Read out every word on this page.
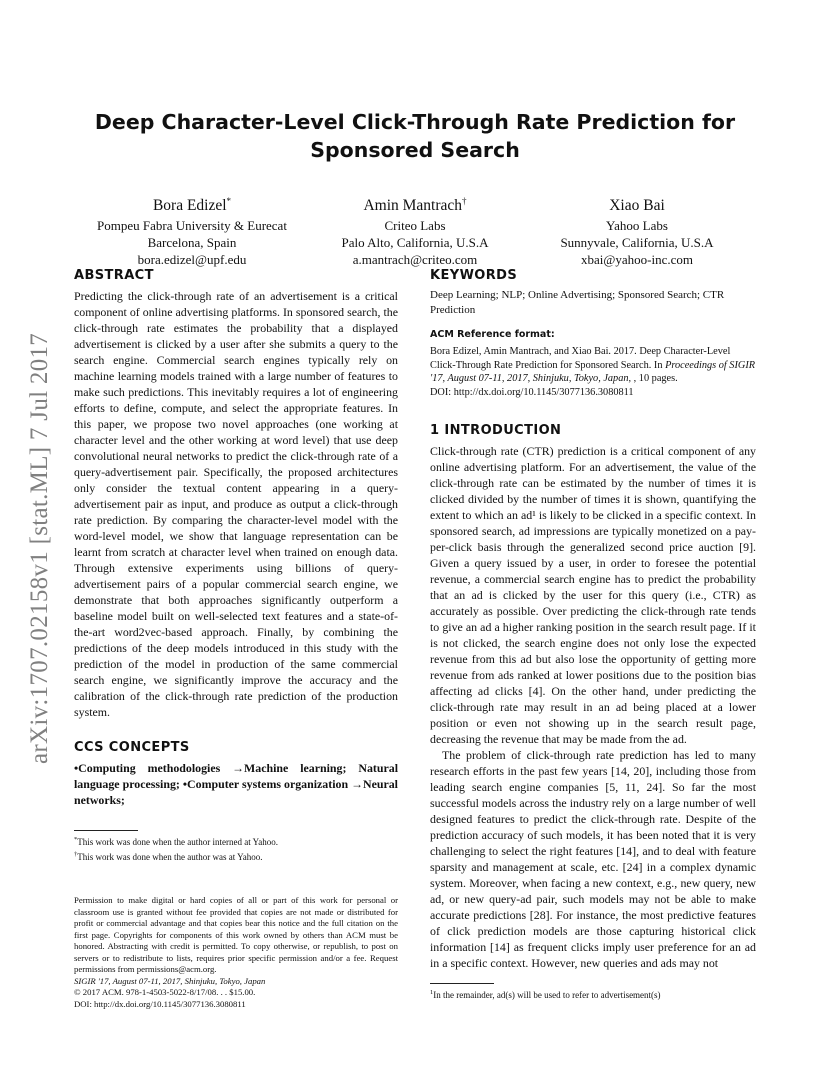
arXiv:1707.02158v1 [stat.ML] 7 Jul 2017
Deep Character-Level Click-Through Rate Prediction for
Sponsored Search
Bora Edizel*
Pompeu Fabra University & Eurecat
Barcelona, Spain
bora.edizel@upf.edu
Amin Mantrach†
Criteo Labs
Palo Alto, California, U.S.A
a.mantrach@criteo.com
Xiao Bai
Yahoo Labs
Sunnyvale, California, U.S.A
xbai@yahoo-inc.com
ABSTRACT

Predicting the click-through rate of an advertisement is a critical component of online advertising platforms. In sponsored search, the click-through rate estimates the probability that a displayed advertisement is clicked by a user after she submits a query to the search engine. Commercial search engines typically rely on machine learning models trained with a large number of features to make such predictions. This inevitably requires a lot of engineering efforts to define, compute, and select the appropriate features. In this paper, we propose two novel approaches (one working at character level and the other working at word level) that use deep convolutional neural networks to predict the click-through rate of a query-advertisement pair. Specifically, the proposed architectures only consider the textual content appearing in a query-advertisement pair as input, and produce as output a click-through rate prediction. By comparing the character-level model with the word-level model, we show that language representation can be learnt from scratch at character level when trained on enough data. Through extensive experiments using billions of query-advertisement pairs of a popular commercial search engine, we demonstrate that both approaches significantly outperform a baseline model built on well-selected text features and a state-of-the-art word2vec-based approach. Finally, by combining the predictions of the deep models introduced in this study with the prediction of the model in production of the same commercial search engine, we significantly improve the accuracy and the calibration of the click-through rate prediction of the production system.

CCS CONCEPTS

•Computing methodologies →Machine learning; Natural language processing; •Computer systems organization →Neural networks;

*This work was done when the author interned at Yahoo.
†This work was done when the author was at Yahoo.
Permission to make digital or hard copies of all or part of this work for personal or classroom use is granted without fee provided that copies are not made or distributed for profit or commercial advantage and that copies bear this notice and the full citation on the first page. Copyrights for components of this work owned by others than ACM must be honored. Abstracting with credit is permitted. To copy otherwise, or republish, to post on servers or to redistribute to lists, requires prior specific permission and/or a fee. Request permissions from permissions@acm.org.
SIGIR '17, August 07-11, 2017, Shinjuku, Tokyo, Japan
© 2017 ACM. 978-1-4503-5022-8/17/08. . . $15.00.
DOI: http://dx.doi.org/10.1145/3077136.3080811
KEYWORDS

Deep Learning; NLP; Online Advertising; Sponsored Search; CTR Prediction

ACM Reference format:

Bora Edizel, Amin Mantrach, and Xiao Bai. 2017. Deep Character-Level Click-Through Rate Prediction for Sponsored Search. In Proceedings of SIGIR '17, August 07-11, 2017, Shinjuku, Tokyo, Japan, , 10 pages.

DOI: http://dx.doi.org/10.1145/3077136.3080811

1 INTRODUCTION

Click-through rate (CTR) prediction is a critical component of any online advertising platform. For an advertisement, the value of the click-through rate can be estimated by the number of times it is clicked divided by the number of times it is shown, quantifying the extent to which an ad¹ is likely to be clicked in a specific context. In sponsored search, ad impressions are typically monetized on a pay-per-click basis through the generalized second price auction [9]. Given a query issued by a user, in order to foresee the potential revenue, a commercial search engine has to predict the probability that an ad is clicked by the user for this query (i.e., CTR) as accurately as possible. Over predicting the click-through rate tends to give an ad a higher ranking position in the search result page. If it is not clicked, the search engine does not only lose the expected revenue from this ad but also lose the opportunity of getting more revenue from ads ranked at lower positions due to the position bias affecting ad clicks [4]. On the other hand, under predicting the click-through rate may result in an ad being placed at a lower position or even not showing up in the search result page, decreasing the revenue that may be made from the ad.

The problem of click-through rate prediction has led to many research efforts in the past few years [14, 20], including those from leading search engine companies [5, 11, 24]. So far the most successful models across the industry rely on a large number of well designed features to predict the click-through rate. Despite of the prediction accuracy of such models, it has been noted that it is very challenging to select the right features [14], and to deal with feature sparsity and management at scale, etc. [24] in a complex dynamic system. Moreover, when facing a new context, e.g., new query, new ad, or new query-ad pair, such models may not be able to make accurate predictions [28]. For instance, the most predictive features of click prediction models are those capturing historical click information [14] as frequent clicks imply user preference for an ad in a specific context. However, new queries and ads may not

$^1$In the remainder, ad(s) will be used to refer to advertisement(s)
